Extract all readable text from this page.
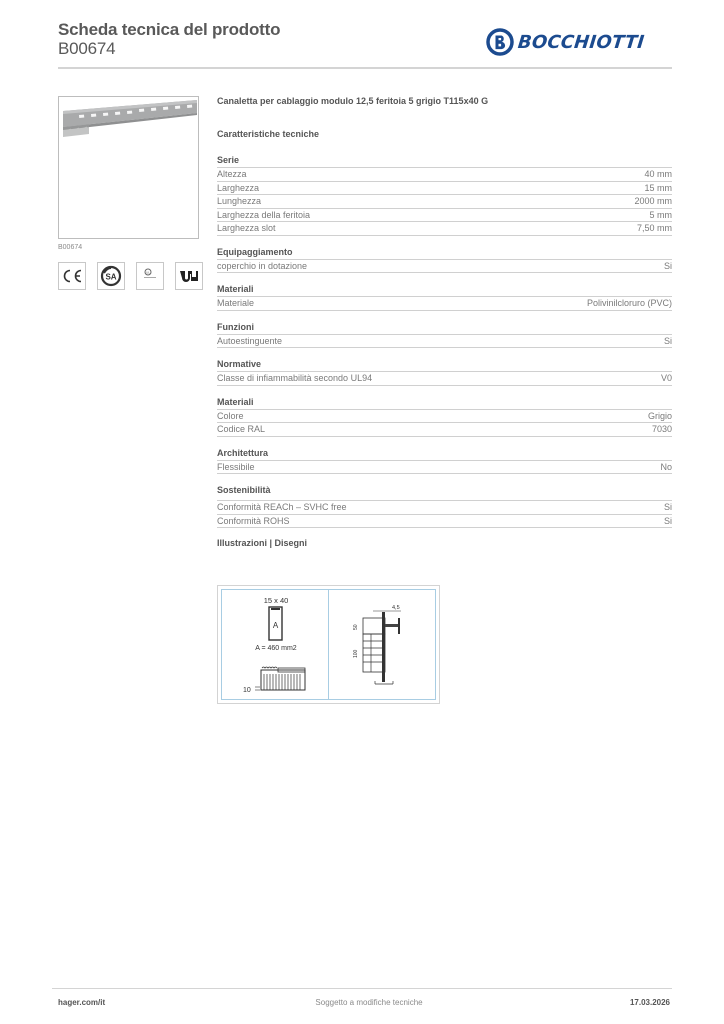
Scheda tecnica del prodotto
B00674	BOCCHIOTTI
B00674
SA	UL
Canaletta per cablaggio modulo 12,5 feritoia 5 grigio T115x40 G
Caratteristiche tecniche
Serie
Altezza	40 mm
Larghezza	15 mm
Lunghezza	2000 mm
Larghezza della feritoia	5 mm
Larghezza slot	7,50 mm
Equipaggiamento
coperchio in dotazione	Si
Materiali
Materiale	Polivinilcloruro (PVC)
Funzioni
Autoestinguente	Si
Normative
Classe di infiammabilità secondo UL94	V0
Materiali
Colore	Grigio
Codice RAL	7030
Architettura
Flessibile	No
Sostenibilità
Conformità REACh – SVHC free	Si
Conformità ROHS	Si
Illustrazioni | Disegni
15 x 40
A
A = 460 mm2
10
4,5
50
100
hager.com/it	Soggetto a modifiche tecniche	17.03.2026
